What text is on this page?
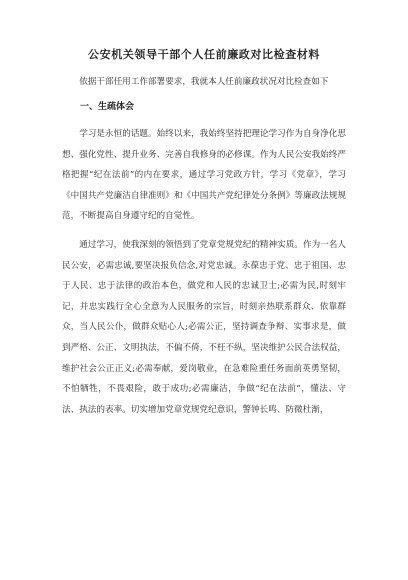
公安机关领导干部个人任前廉政对比检查材料

依据干部任用工作部署要求，我就本人任前廉政状况对比检查如下

一、生疏体会

学习是永恒的话题。始终以来，我始终坚持把理论学习作为自身净化思想、强化党性、提升业务、完善自我修身的必修课。作为人民公安我始终严格把握“纪在法前”的内在要求，通过学习党政方针，学习《党章》，学习《中国共产党廉洁自律准则》和《中国共产党纪律处分条例》等廉政法规规范，不断提高自身遵守纪的自觉性。

通过学习，使我深刻的领悟到了党章党规党纪的精神实质。作为一名人民公安，必需忠诚,要坚决报负信念,对党忠诚。永葆忠于党、忠于祖国、忠于人民、忠于法律的政治本色，做党和人民的忠诚卫士;必需为民,时刻牢记，并忠实践行全心全意为人民服务的宗旨，时刻亲热联系群众、依靠群众，当人民公仆，做群众贴心人;必需公正，坚持调查争辩、实事求是，做到严格、公正、文明执法，不偏不倚，不枉不纵，坚决维护公民合法权益，维护社会公正正义;必需奉献，爱岗敬业，在急难险重任务面前英勇坚韧，不怕牺牲，不畏艰险，敢于成功;必需廉洁，争做“纪在法前”，懂法、守法、执法的表率。切实增加党章党规党纪意识，警钟长鸣、防微杜渐，
